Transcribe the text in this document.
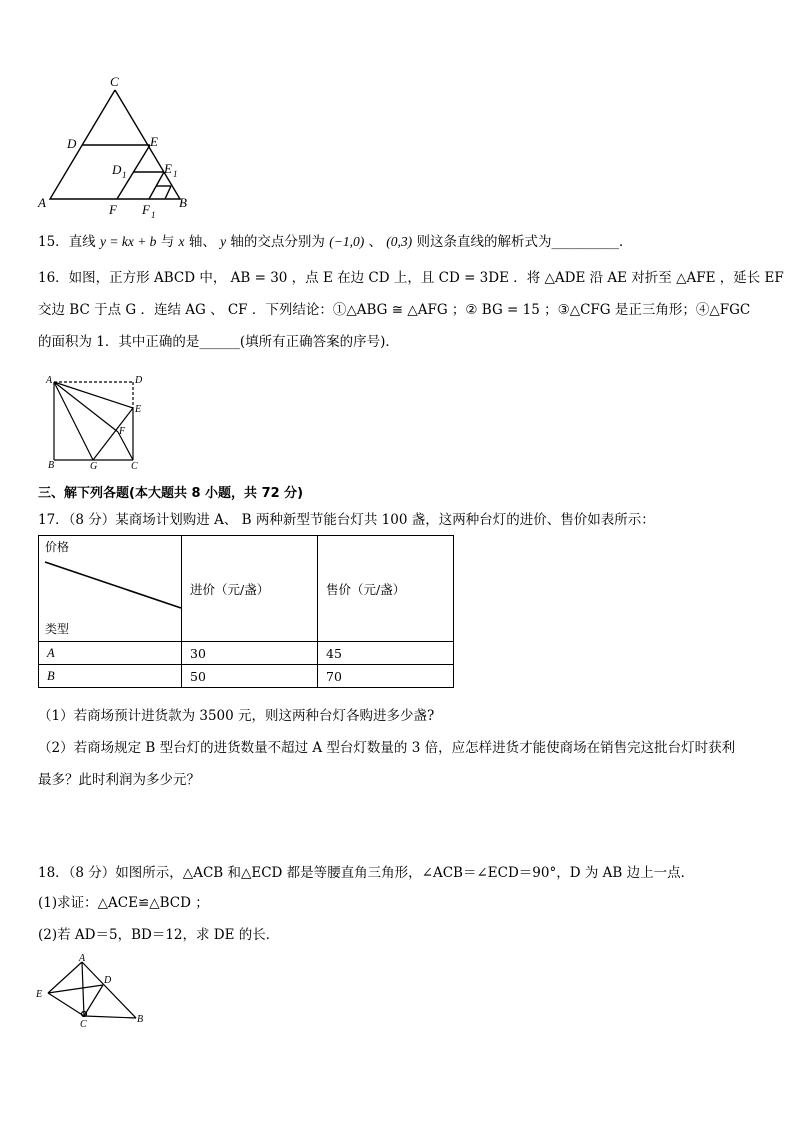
C
D	E
D 1	E 1
A	F F 1
B
15．直线 y = kx + b 与 x 轴、 y 轴的交点分别为 (−1,0) 、 (0,3) 则这条直线的解析式为__________．
16．如图，正方形 ABCD 中， AB = 30 ，点 E 在边 CD 上，且 CD = 3DE ．将 △ADE 沿 AE 对折至 △AFE ，延长 EF
交边 BC 于点 G ．连结 AG 、 CF ．下列结论：①△ABG ≅ △AFG ；② BG = 15 ；③△CFG 是正三角形；④△FGC
的面积为 1．其中正确的是______(填所有正确答案的序号)．
A	D
E
F
B	G	C
三、解下列各题(本大题共 8 小题，共 72 分)
17．（8 分）某商场计划购进 A、 B 两种新型节能台灯共 100 盏，这两种台灯的进价、售价如表所示：
价格
类型	进价（元/盏）	售价（元/盏）
A	30	45
B	50	70
（1）若商场预计进货款为 3500 元，则这两种台灯各购进多少盏?
（2）若商场规定 B 型台灯的进货数量不超过 A 型台灯数量的 3 倍，应怎样进货才能使商场在销售完这批台灯时获利
最多？此时利润为多少元？
18．（8 分）如图所示，△ACB 和△ECD 都是等腰直角三角形，∠ACB＝∠ECD＝90°，D 为 AB 边上一点．
(1)求证：△ACE≌△BCD ；
(2)若 AD＝5，BD＝12，求 DE 的长．
A
D
E
C	B
